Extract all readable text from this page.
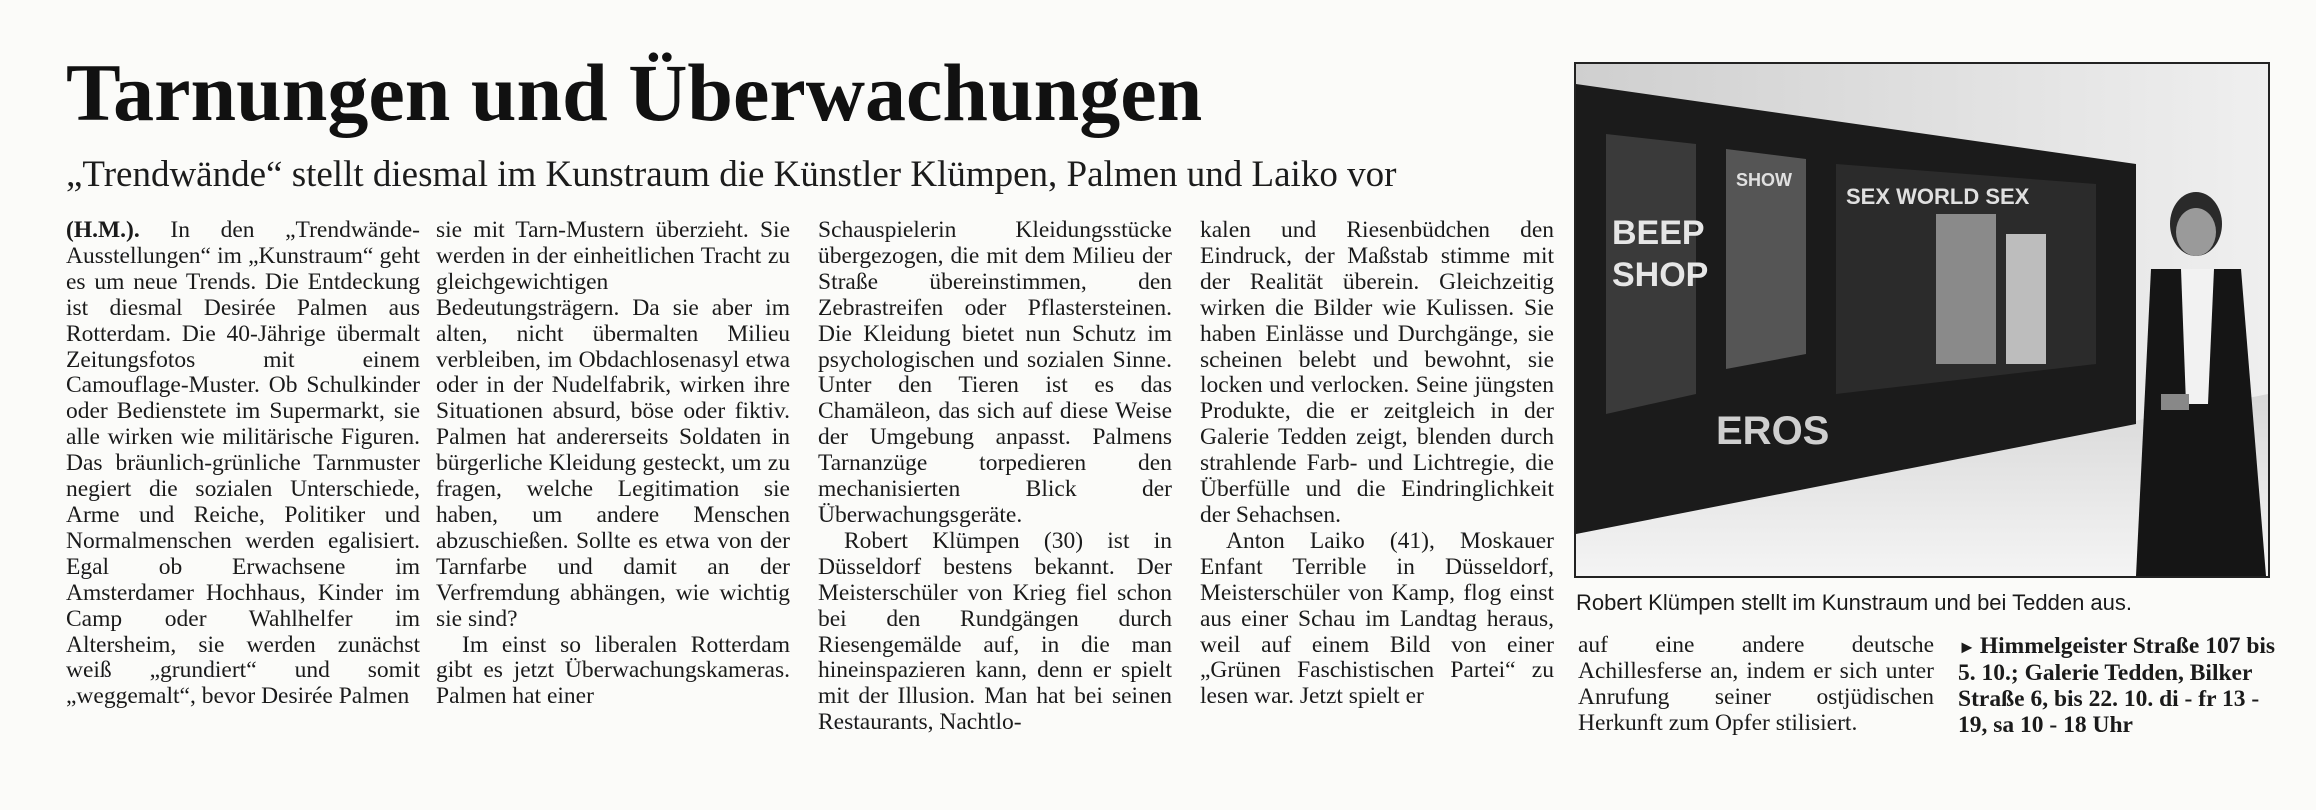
Tarnungen und Überwachungen
„Trendwände“ stellt diesmal im Kunstraum die Künstler Klümpen, Palmen und Laiko vor

(H.M.). In den „Trendwände-Ausstellungen“ im „Kunstraum“ geht es um neue Trends. Die Entdeckung ist diesmal Desirée Palmen aus Rotterdam. Die 40-Jährige übermalt Zeitungsfotos mit einem Camouflage-Muster. Ob Schulkinder oder Bedienstete im Supermarkt, sie alle wirken wie militärische Figuren. Das bräunlich-grünliche Tarnmuster negiert die sozialen Unterschiede, Arme und Reiche, Politiker und Normalmenschen werden egalisiert. Egal ob Erwachsene im Amsterdamer Hochhaus, Kinder im Camp oder Wahlhelfer im Altersheim, sie werden zunächst weiß „grundiert“ und somit „weggemalt“, bevor Desirée Palmen

sie mit Tarn-Mustern überzieht. Sie werden in der einheitlichen Tracht zu gleichgewichtigen Bedeutungsträgern. Da sie aber im alten, nicht übermalten Milieu verbleiben, im Obdachlosenasyl etwa oder in der Nudelfabrik, wirken ihre Situationen absurd, böse oder fiktiv. Palmen hat andererseits Soldaten in bürgerliche Kleidung gesteckt, um zu fragen, welche Legitimation sie haben, um andere Menschen abzuschießen. Sollte es etwa von der Tarnfarbe und damit an der Verfremdung abhängen, wie wichtig sie sind?

Im einst so liberalen Rotterdam gibt es jetzt Überwachungskameras. Palmen hat einer

Schauspielerin Kleidungsstücke übergezogen, die mit dem Milieu der Straße übereinstimmen, den Zebrastreifen oder Pflastersteinen. Die Kleidung bietet nun Schutz im psychologischen und sozialen Sinne. Unter den Tieren ist es das Chamäleon, das sich auf diese Weise der Umgebung anpasst. Palmens Tarnanzüge torpedieren den mechanisierten Blick der Überwachungsgeräte.

Robert Klümpen (30) ist in Düsseldorf bestens bekannt. Der Meisterschüler von Krieg fiel schon bei den Rundgängen durch Riesengemälde auf, in die man hineinspazieren kann, denn er spielt mit der Illusion. Man hat bei seinen Restaurants, Nachtlo-

kalen und Riesenbüdchen den Eindruck, der Maßstab stimme mit der Realität überein. Gleichzeitig wirken die Bilder wie Kulissen. Sie haben Einlässe und Durchgänge, sie scheinen belebt und bewohnt, sie locken und verlocken. Seine jüngsten Produkte, die er zeitgleich in der Galerie Tedden zeigt, blenden durch strahlende Farb- und Lichtregie, die Überfülle und die Eindringlichkeit der Sehachsen.

Anton Laiko (41), Moskauer Enfant Terrible in Düsseldorf, Meisterschüler von Kamp, flog einst aus einer Schau im Landtag heraus, weil auf einem Bild von einer „Grünen Faschistischen Partei“ zu lesen war. Jetzt spielt er

auf eine andere deutsche Achillesferse an, indem er sich unter Anrufung seiner ostjüdischen Herkunft zum Opfer stilisiert.

► Himmelgeister Straße 107 bis 5. 10.; Galerie Tedden, Bilker Straße 6, bis 22. 10. di - fr 13 - 19, sa 10 - 18 Uhr
BEEP
SHOP
SEX WORLD SEX
SHOW
EROS
Robert Klümpen stellt im Kunstraum und bei Tedden aus.
